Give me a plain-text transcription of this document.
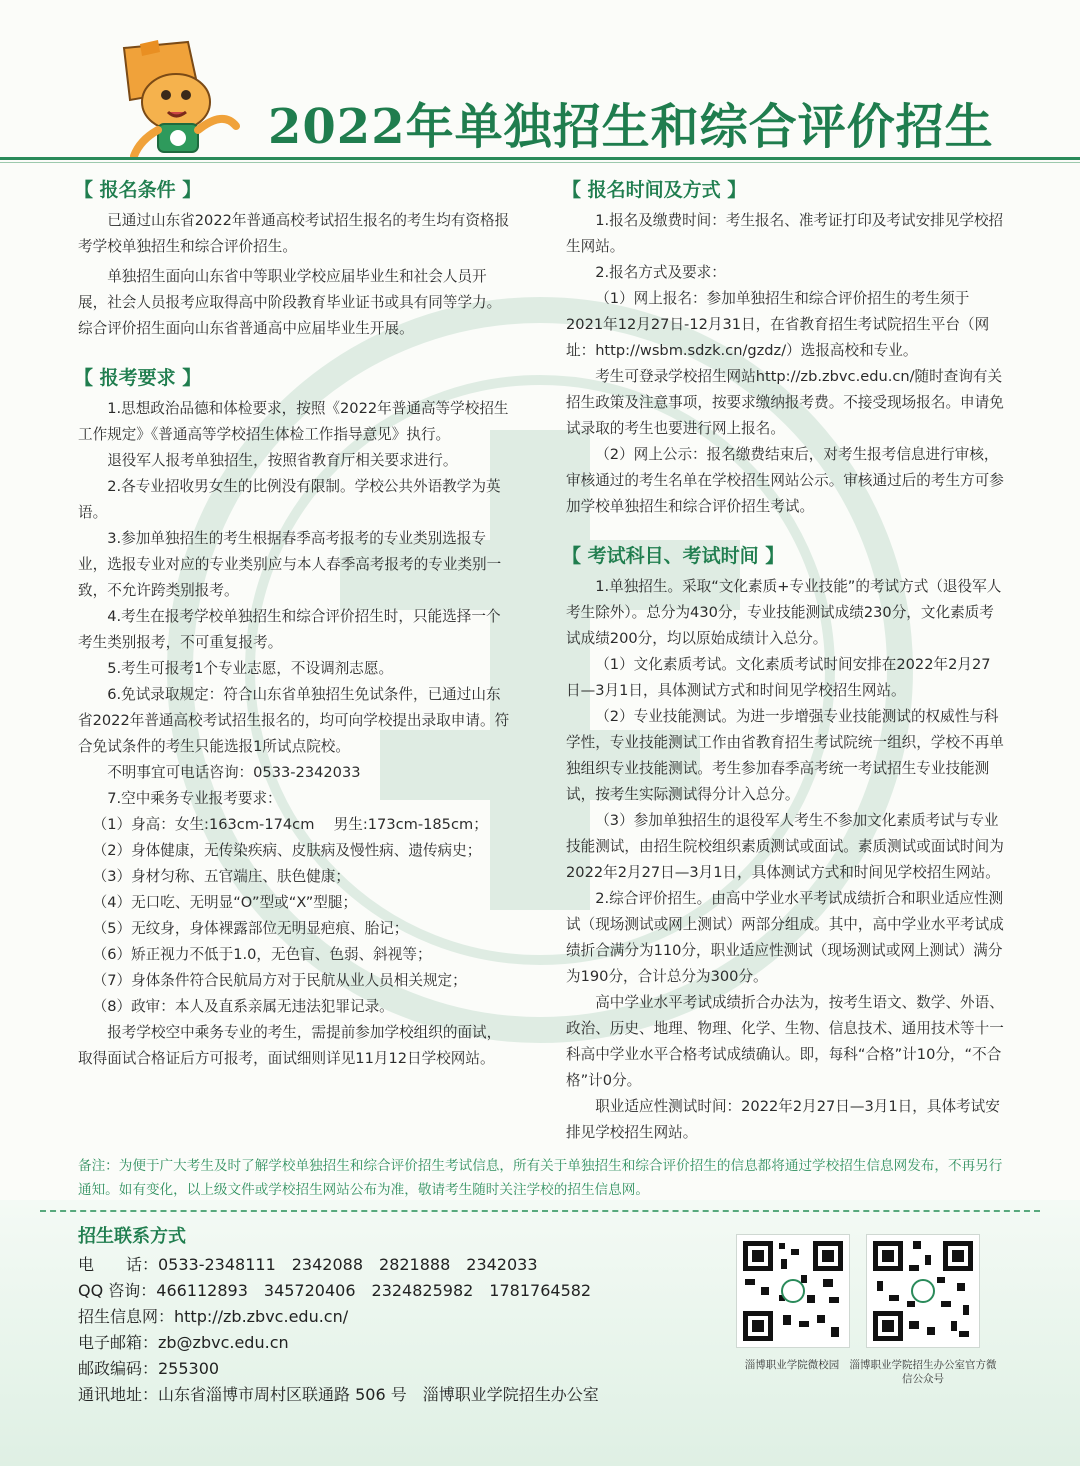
2022年单独招生和综合评价招生
【 报名条件 】

已通过山东省2022年普通高校考试招生报名的考生均有资格报考学校单独招生和综合评价招生。

单独招生面向山东省中等职业学校应届毕业生和社会人员开展，社会人员报考应取得高中阶段教育毕业证书或具有同等学力。综合评价招生面向山东省普通高中应届毕业生开展。

【 报考要求 】

1.思想政治品德和体检要求，按照《2022年普通高等学校招生工作规定》《普通高等学校招生体检工作指导意见》执行。

退役军人报考单独招生，按照省教育厅相关要求进行。

2.各专业招收男女生的比例没有限制。学校公共外语教学为英语。

3.参加单独招生的考生根据春季高考报考的专业类别选报专业，选报专业对应的专业类别应与本人春季高考报考的专业类别一致，不允许跨类别报考。

4.考生在报考学校单独招生和综合评价招生时，只能选择一个考生类别报考，不可重复报考。

5.考生可报考1个专业志愿，不设调剂志愿。

6.免试录取规定：符合山东省单独招生免试条件，已通过山东省2022年普通高校考试招生报名的，均可向学校提出录取申请。符合免试条件的考生只能选报1所试点院校。

不明事宜可电话咨询：0533-2342033

7.空中乘务专业报考要求：

（1）身高：女生:163cm-174cm　 男生:173cm-185cm；

（2）身体健康，无传染疾病、皮肤病及慢性病、遗传病史；

（3）身材匀称、五官端庄、肤色健康；

（4）无口吃、无明显“O”型或“X”型腿；

（5）无纹身，身体裸露部位无明显疤痕、胎记；

（6）矫正视力不低于1.0，无色盲、色弱、斜视等；

（7）身体条件符合民航局方对于民航从业人员相关规定；

（8）政审：本人及直系亲属无违法犯罪记录。

报考学校空中乘务专业的考生，需提前参加学校组织的面试，取得面试合格证后方可报考，面试细则详见11月12日学校网站。

【 报名时间及方式 】

1.报名及缴费时间：考生报名、准考证打印及考试安排见学校招生网站。

2.报名方式及要求：

（1）网上报名：参加单独招生和综合评价招生的考生须于2021年12月27日-12月31日，在省教育招生考试院招生平台（网址：http://wsbm.sdzk.cn/gzdz/）选报高校和专业。

考生可登录学校招生网站http://zb.zbvc.edu.cn/随时查询有关招生政策及注意事项，按要求缴纳报考费。不接受现场报名。申请免试录取的考生也要进行网上报名。

（2）网上公示：报名缴费结束后，对考生报考信息进行审核，审核通过的考生名单在学校招生网站公示。审核通过后的考生方可参加学校单独招生和综合评价招生考试。

【 考试科目、考试时间 】

1.单独招生。采取“文化素质+专业技能”的考试方式（退役军人考生除外）。总分为430分，专业技能测试成绩230分，文化素质考试成绩200分，均以原始成绩计入总分。

（1）文化素质考试。文化素质考试时间安排在2022年2月27日—3月1日，具体测试方式和时间见学校招生网站。

（2）专业技能测试。为进一步增强专业技能测试的权威性与科学性，专业技能测试工作由省教育招生考试院统一组织，学校不再单独组织专业技能测试。考生参加春季高考统一考试招生专业技能测试，按考生实际测试得分计入总分。

（3）参加单独招生的退役军人考生不参加文化素质考试与专业技能测试，由招生院校组织素质测试或面试。素质测试或面试时间为2022年2月27日—3月1日，具体测试方式和时间见学校招生网站。

2.综合评价招生。由高中学业水平考试成绩折合和职业适应性测试（现场测试或网上测试）两部分组成。其中，高中学业水平考试成绩折合满分为110分，职业适应性测试（现场测试或网上测试）满分为190分，合计总分为300分。

高中学业水平考试成绩折合办法为，按考生语文、数学、外语、政治、历史、地理、物理、化学、生物、信息技术、通用技术等十一科高中学业水平合格考试成绩确认。即，每科“合格”计10分，“不合格”计0分。

职业适应性测试时间：2022年2月27日—3月1日，具体考试安排见学校招生网站。

备注：为便于广大考生及时了解学校单独招生和综合评价招生考试信息，所有关于单独招生和综合评价招生的信息都将通过学校招生信息网发布，不再另行通知。如有变化，以上级文件或学校招生网站公布为准，敬请考生随时关注学校的招生信息网。
招生联系方式
电　　话：0533-2348111　2342088　2821888　2342033
QQ 咨询：466112893　345720406　2324825982　1781764582
招生信息网：http://zb.zbvc.edu.cn/
电子邮箱：zb@zbvc.edu.cn
邮政编码：255300
通讯地址：山东省淄博市周村区联通路 506 号　淄博职业学院招生办公室
淄博职业学院微校园 淄博职业学院招生办公室官方微信公众号
